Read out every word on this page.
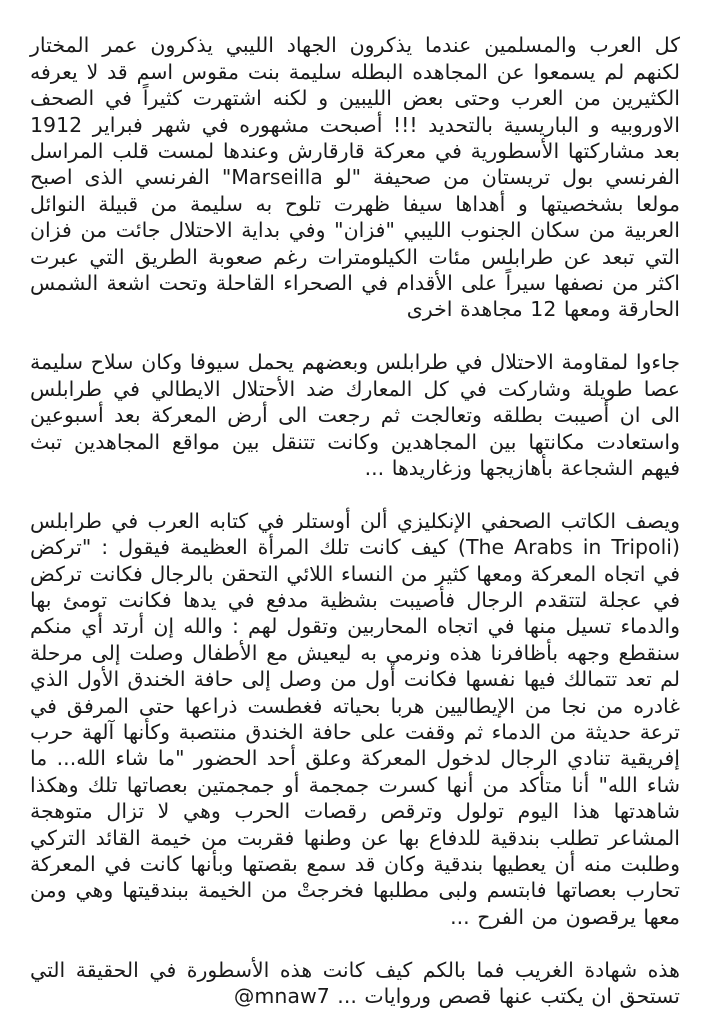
كل العرب والمسلمين عندما يذكرون الجهاد الليبي يذكرون عمر المختار لكنهم لم يسمعوا عن المجاهده البطله سليمة بنت مقوس اسم قد لا يعرفه الكثيرين من العرب وحتى بعض الليبين و لكنه اشتهرت كثيراً في الصحف الاوروبيه و الباريسية بالتحديد !!! أصبحت مشهوره في شهر فبراير 1912 بعد مشاركتها الأسطورية في معركة قارقارش وعندها لمست قلب المراسل الفرنسي بول تريستان من صحيفة "لو Marseilla" الفرنسي الذى اصبح مولعا بشخصيتها و أهداها سيفا ظهرت تلوح به سليمة من قبيلة النوائل العربية من سكان الجنوب الليبي "فزان" وفي بداية الاحتلال جائت من فزان التي تبعد عن طرابلس مئات الكيلومترات رغم صعوبة الطريق التي عبرت اكثر من نصفها سيراً على الأقدام في الصحراء القاحلة وتحت اشعة الشمس الحارقة ومعها 12 مجاهدة اخرى

جاءوا لمقاومة الاحتلال في طرابلس وبعضهم يحمل سيوفا وكان سلاح سليمة عصا طويلة وشاركت في كل المعارك ضد الأحتلال الايطالي في طرابلس الى ان أصيبت بطلقه وتعالجت ثم رجعت الى أرض المعركة بعد أسبوعين واستعادت مكانتها بين المجاهدين وكانت تتنقل بين مواقع المجاهدين تبث فيهم الشجاعة بأهازيجها وزغاريدها ...

ويصف الكاتب الصحفي الإنكليزي ألن أوستلر في كتابه العرب في طرابلس (The Arabs in Tripoli) كيف كانت تلك المرأة العظيمة فيقول : "تركض في اتجاه المعركة ومعها كثير من النساء اللائي التحقن بالرجال فكانت تركض في عجلة لتتقدم الرجال فأصيبت بشظية مدفع في يدها فكانت تومئ بها والدماء تسيل منها في اتجاه المحاربين وتقول لهم : والله إن أرتد أي منكم سنقطع وجهه بأظافرنا هذه ونرمي به ليعيش مع الأطفال وصلت إلى مرحلة لم تعد تتمالك فيها نفسها فكانت أول من وصل إلى حافة الخندق الأول الذي غادره من نجا من الإيطاليين هربا بحياته فغطست ذراعها حتى المرفق في ترعة حديثة من الدماء ثم وقفت على حافة الخندق منتصبة وكأنها آلهة حرب إفريقية تنادي الرجال لدخول المعركة وعلق أحد الحضور "ما شاء الله... ما شاء الله" أنا متأكد من أنها كسرت جمجمة أو جمجمتين بعصاتها تلك وهكذا شاهدتها هذا اليوم تولول وترقص رقصات الحرب وهي لا تزال متوهجة المشاعر تطلب بندقية للدفاع بها عن وطنها فقربت من خيمة القائد التركي وطلبت منه أن يعطيها بندقية وكان قد سمع بقصتها وبأنها كانت في المعركة تحارب بعصاتها فابتسم ولبى مطلبها فخرجتْ من الخيمة ببندقيتها وهي ومن معها يرقصون من الفرح ...

هذه شهادة الغريب فما بالكم كيف كانت هذه الأسطورة في الحقيقة التي تستحق ان يكتب عنها قصص وروايات ... @mnaw7
